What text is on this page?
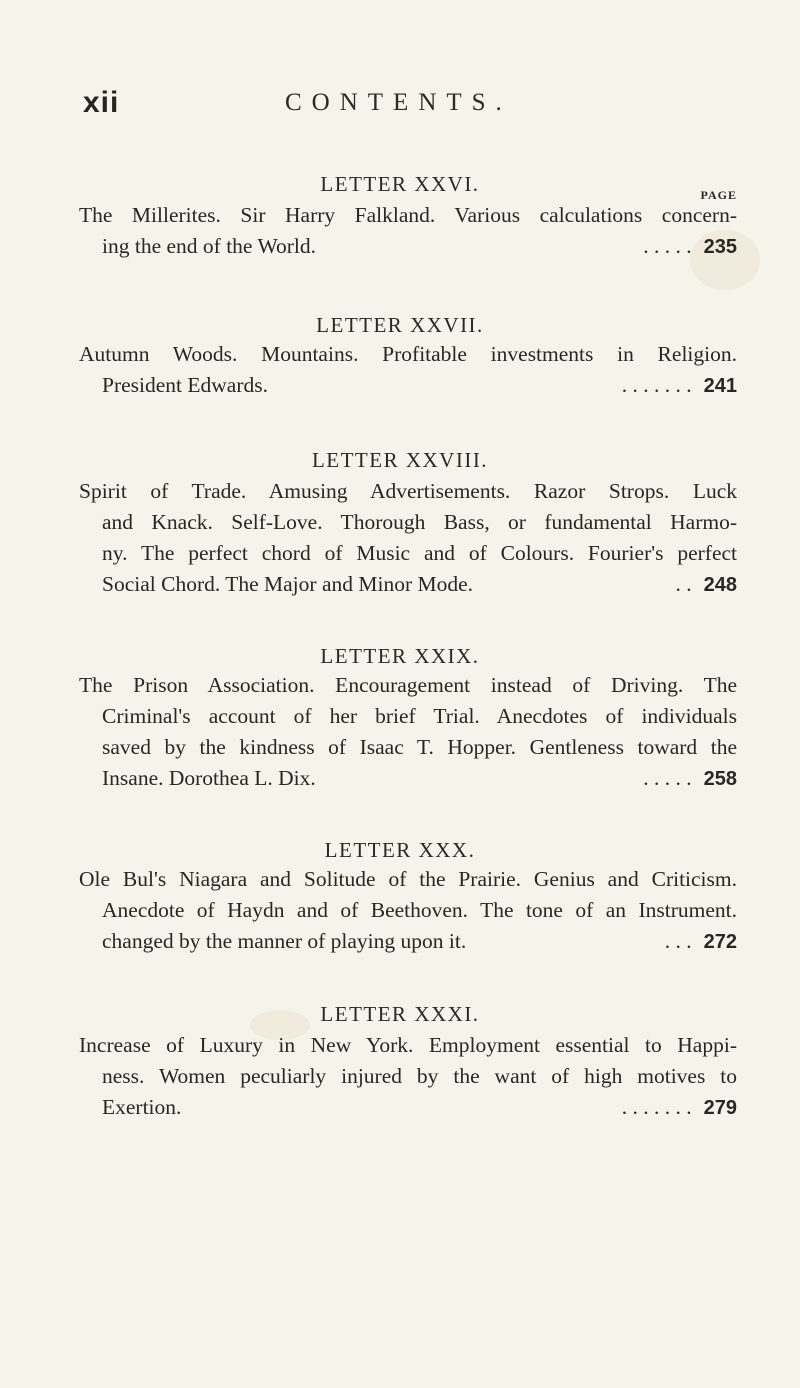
xii	CONTENTS.
PAGE
LETTER XXVI.
The Millerites. Sir Harry Falkland. Various calculations concern-
ing the end of the World.	. . . . . 235
LETTER XXVII.
Autumn Woods. Mountains. Profitable investments in Religion.
President Edwards.	. . . . . . . 241
LETTER XXVIII.
Spirit of Trade. Amusing Advertisements. Razor Strops. Luck
and Knack. Self-Love. Thorough Bass, or fundamental Harmo-
ny. The perfect chord of Music and of Colours. Fourier's perfect
Social Chord. The Major and Minor Mode.	. . 248
LETTER XXIX.
The Prison Association. Encouragement instead of Driving. The
Criminal's account of her brief Trial. Anecdotes of individuals
saved by the kindness of Isaac T. Hopper. Gentleness toward the
Insane. Dorothea L. Dix.	. . . . . 258
LETTER XXX.
Ole Bul's Niagara and Solitude of the Prairie. Genius and Criticism.
Anecdote of Haydn and of Beethoven. The tone of an Instrument.
changed by the manner of playing upon it.	. . . 272
LETTER XXXI.
Increase of Luxury in New York. Employment essential to Happi-
ness. Women peculiarly injured by the want of high motives to
Exertion.	. . . . . . . 279
